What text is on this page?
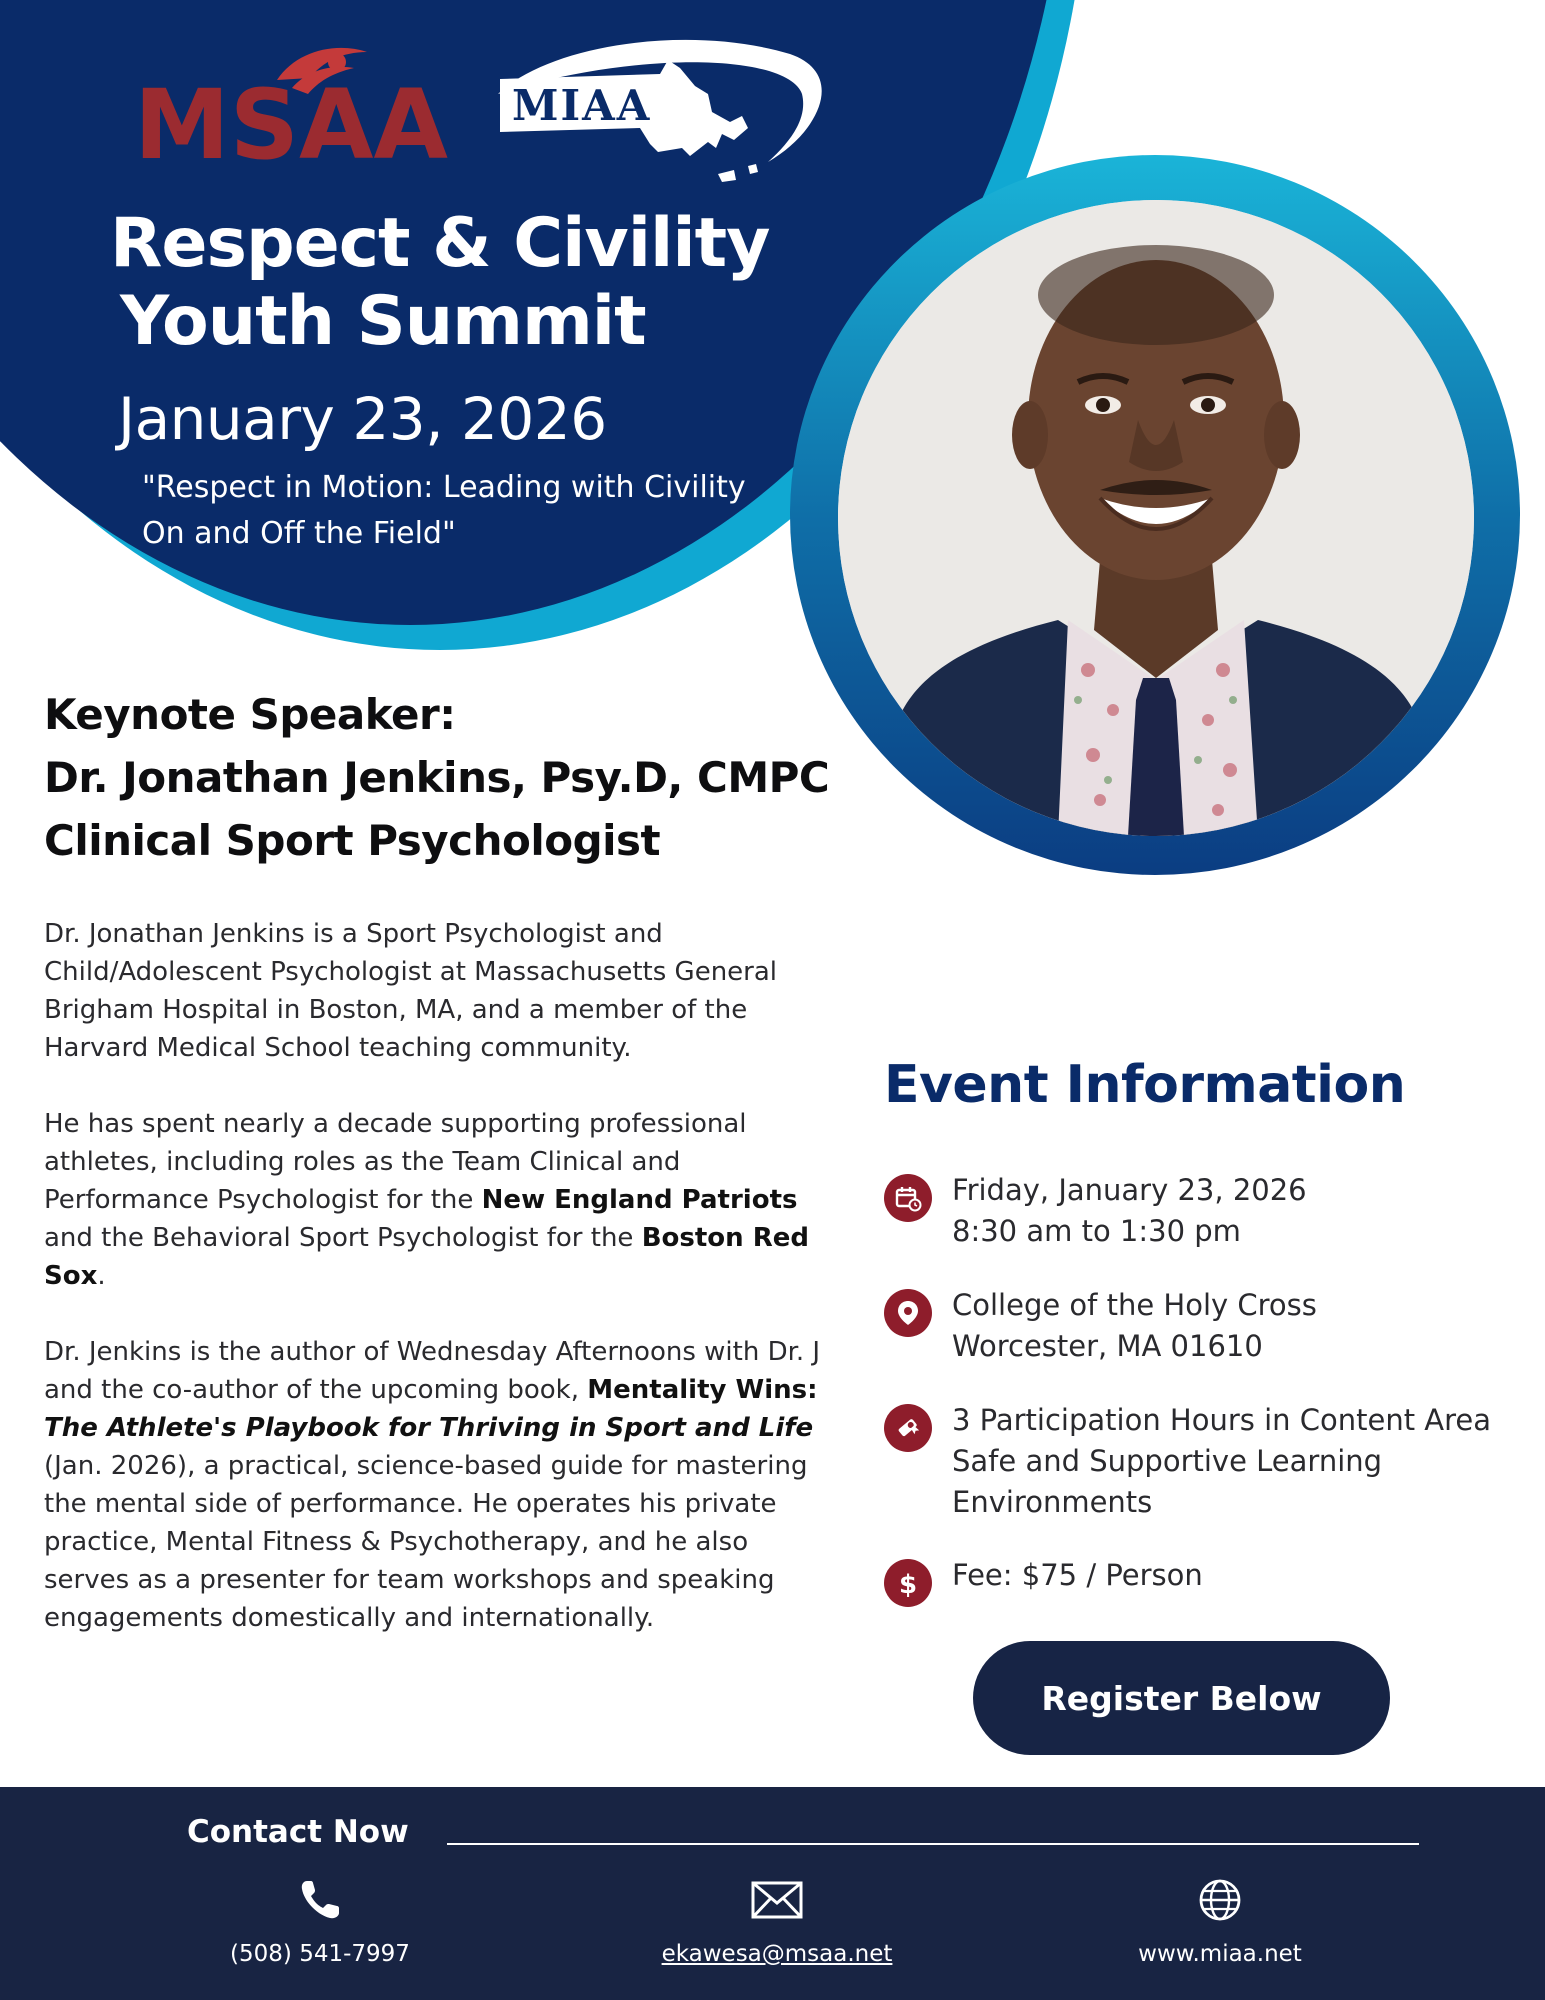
MSAA MIAA
Respect & Civility
Youth Summit
January 23, 2026
"Respect in Motion: Leading with Civility On and Off the Field"
Keynote Speaker:
Dr. Jonathan Jenkins, Psy.D, CMPC
Clinical Sport Psychologist

Dr. Jonathan Jenkins is a Sport Psychologist and Child/Adolescent Psychologist at Massachusetts General Brigham Hospital in Boston, MA, and a member of the Harvard Medical School teaching community.

He has spent nearly a decade supporting professional athletes, including roles as the Team Clinical and Performance Psychologist for the New England Patriots and the Behavioral Sport Psychologist for the Boston Red Sox.

Dr. Jenkins is the author of Wednesday Afternoons with Dr. J and the co-author of the upcoming book, Mentality Wins: The Athlete's Playbook for Thriving in Sport and Life (Jan. 2026), a practical, science-based guide for mastering the mental side of performance. He operates his private practice, Mental Fitness & Psychotherapy, and he also serves as a presenter for team workshops and speaking engagements domestically and internationally.

Event Information
Friday, January 23, 2026
8:30 am to 1:30 pm
College of the Holy Cross
Worcester, MA 01610
3 Participation Hours in Content Area Safe and Supportive Learning Environments
$ Fee: $75 / Person
Register Below
Contact Now
(508) 541-7997	ekawesa@msaa.net	www.miaa.net
